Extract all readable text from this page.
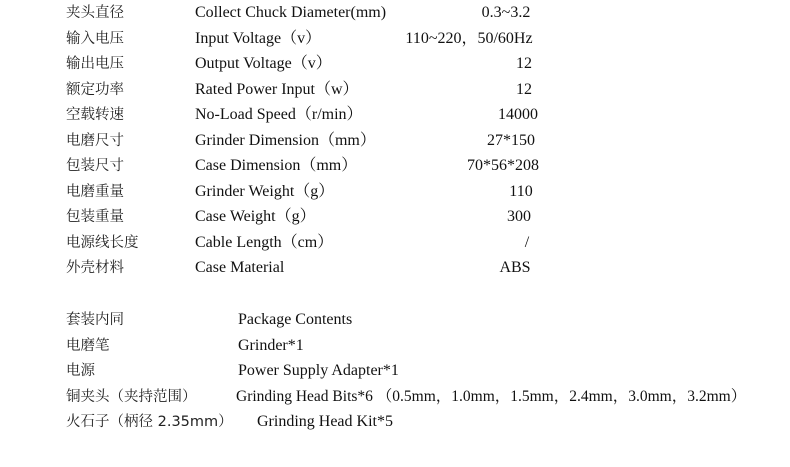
夹头直径	Collect Chuck Diameter(mm)	0.3~3.2
输入电压	Input Voltage（v）	110~220，50/60Hz
输出电压	Output Voltage（v）	12
额定功率	Rated Power Input（w）	12
空载转速	No-Load Speed（r/min）	14000
电磨尺寸	Grinder Dimension（mm）	27*150
包装尺寸	Case Dimension（mm）	70*56*208
电磨重量	Grinder Weight（g）	110
包装重量	Case Weight（g）	300
电源线长度	Cable Length（cm）	/
外壳材料	Case Material	ABS
套装内同	Package Contents
电磨笔	Grinder*1
电源	Power Supply Adapter*1
铜夹头（夹持范围）	Grinding Head Bits*6 （0.5mm，1.0mm，1.5mm，2.4mm，3.0mm，3.2mm）
火石子（柄径 2.35mm） Grinding Head Kit*5
